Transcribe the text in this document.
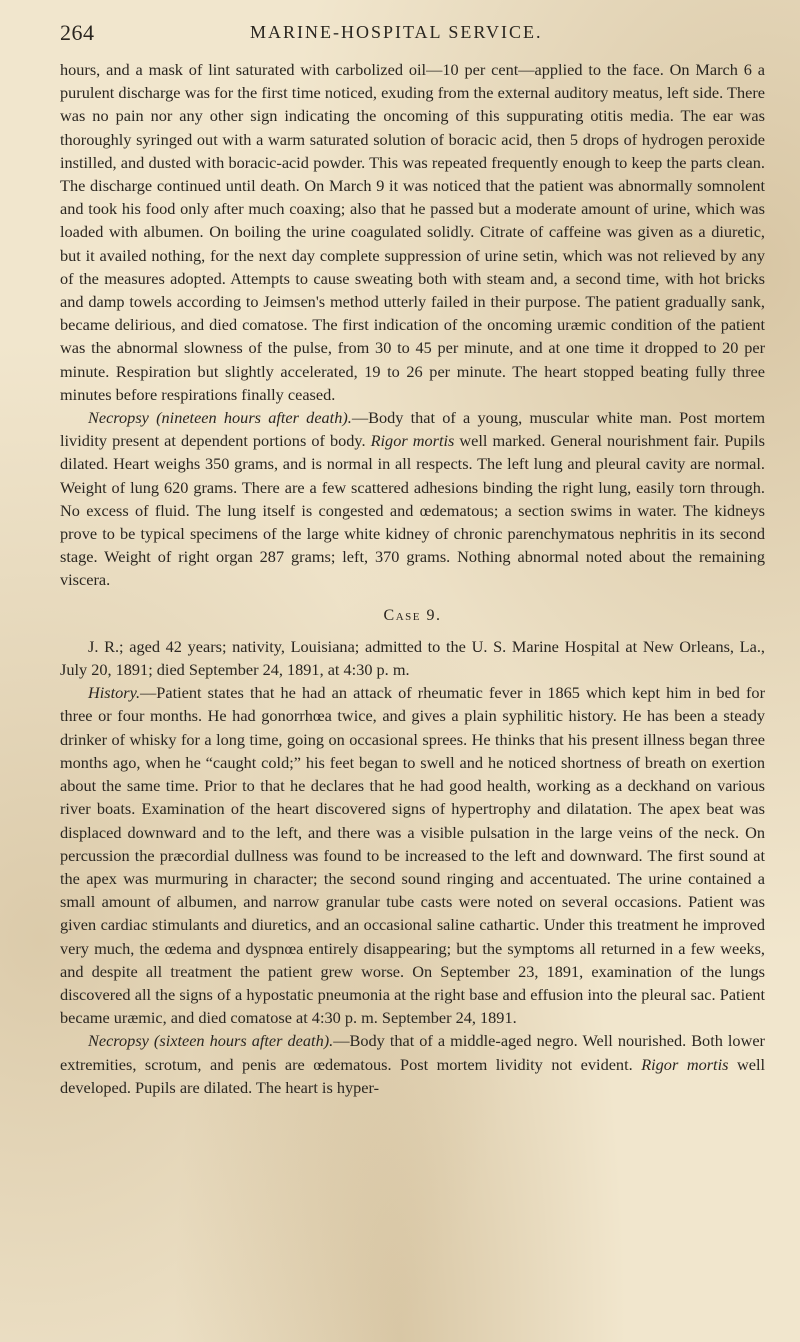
264	MARINE-HOSPITAL SERVICE.

hours, and a mask of lint saturated with carbolized oil—10 per cent—applied to the face. On March 6 a purulent discharge was for the first time noticed, exuding from the external auditory meatus, left side. There was no pain nor any other sign indicating the oncoming of this suppurating otitis media. The ear was thoroughly syringed out with a warm saturated solution of boracic acid, then 5 drops of hydrogen peroxide instilled, and dusted with boracic-acid powder. This was repeated frequently enough to keep the parts clean. The discharge continued until death. On March 9 it was noticed that the patient was abnormally somnolent and took his food only after much coaxing; also that he passed but a moderate amount of urine, which was loaded with albumen. On boiling the urine coagulated solidly. Citrate of caffeine was given as a diuretic, but it availed nothing, for the next day complete suppression of urine setin, which was not relieved by any of the measures adopted. Attempts to cause sweating both with steam and, a second time, with hot bricks and damp towels according to Jeimsen's method utterly failed in their purpose. The patient gradually sank, became delirious, and died comatose. The first indication of the oncoming uræmic condition of the patient was the abnormal slowness of the pulse, from 30 to 45 per minute, and at one time it dropped to 20 per minute. Respiration but slightly accelerated, 19 to 26 per minute. The heart stopped beating fully three minutes before respirations finally ceased.

Necropsy (nineteen hours after death).—Body that of a young, muscular white man. Post mortem lividity present at dependent portions of body. Rigor mortis well marked. General nourishment fair. Pupils dilated. Heart weighs 350 grams, and is normal in all respects. The left lung and pleural cavity are normal. Weight of lung 620 grams. There are a few scattered adhesions binding the right lung, easily torn through. No excess of fluid. The lung itself is congested and œdematous; a section swims in water. The kidneys prove to be typical specimens of the large white kidney of chronic parenchymatous nephritis in its second stage. Weight of right organ 287 grams; left, 370 grams. Nothing abnormal noted about the remaining viscera.

Case 9.

J. R.; aged 42 years; nativity, Louisiana; admitted to the U. S. Marine Hospital at New Orleans, La., July 20, 1891; died September 24, 1891, at 4:30 p. m.

History.—Patient states that he had an attack of rheumatic fever in 1865 which kept him in bed for three or four months. He had gonorrhœa twice, and gives a plain syphilitic history. He has been a steady drinker of whisky for a long time, going on occasional sprees. He thinks that his present illness began three months ago, when he “caught cold;” his feet began to swell and he noticed shortness of breath on exertion about the same time. Prior to that he declares that he had good health, working as a deckhand on various river boats. Examination of the heart discovered signs of hypertrophy and dilatation. The apex beat was displaced downward and to the left, and there was a visible pulsation in the large veins of the neck. On percussion the præcordial dullness was found to be increased to the left and downward. The first sound at the apex was murmuring in character; the second sound ringing and accentuated. The urine contained a small amount of albumen, and narrow granular tube casts were noted on several occasions. Patient was given cardiac stimulants and diuretics, and an occasional saline cathartic. Under this treatment he improved very much, the œdema and dyspnœa entirely disappearing; but the symptoms all returned in a few weeks, and despite all treatment the patient grew worse. On September 23, 1891, examination of the lungs discovered all the signs of a hypostatic pneumonia at the right base and effusion into the pleural sac. Patient became uræmic, and died comatose at 4:30 p. m. September 24, 1891.

Necropsy (sixteen hours after death).—Body that of a middle-aged negro. Well nourished. Both lower extremities, scrotum, and penis are œdematous. Post mortem lividity not evident. Rigor mortis well developed. Pupils are dilated. The heart is hyper-
